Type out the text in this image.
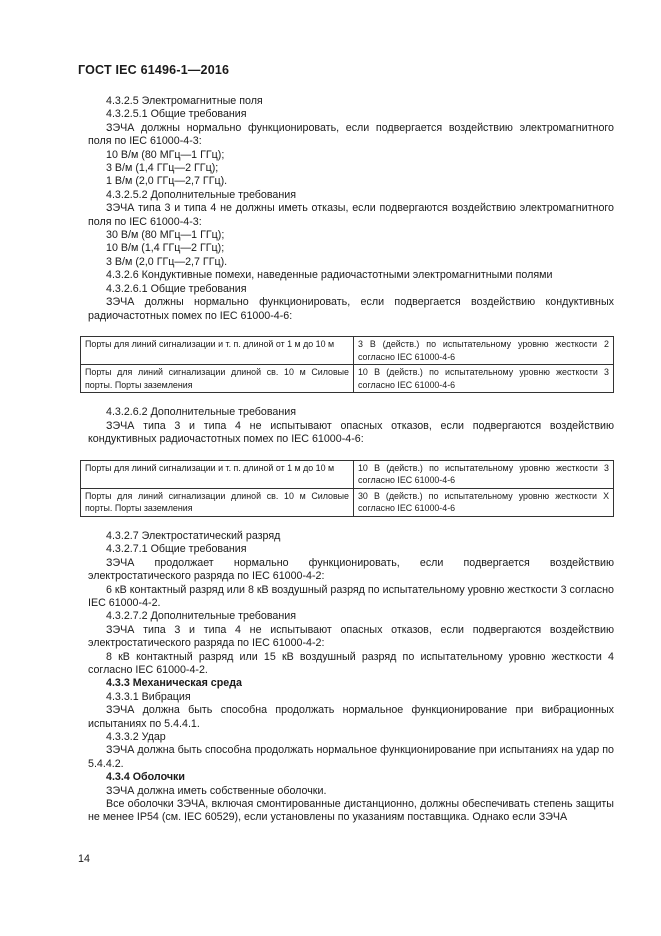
ГОСТ IEC 61496-1—2016

4.3.2.5 Электромагнитные поля

4.3.2.5.1 Общие требования

ЗЭЧА должны нормально функционировать, если подвергается воздействию электромагнитного поля по IEC 61000-4-3:

10 В/м (80 МГц—1 ГГц);

3 В/м (1,4 ГГц—2 ГГц);

1 В/м (2,0 ГГц—2,7 ГГц).

4.3.2.5.2 Дополнительные требования

ЗЭЧА типа 3 и типа 4 не должны иметь отказы, если подвергаются воздействию электромагнитного поля по IEC 61000-4-3:

30 В/м (80 МГц—1 ГГц);

10 В/м (1,4 ГГц—2 ГГц);

3 В/м (2,0 ГГц—2,7 ГГц).

4.3.2.6 Кондуктивные помехи, наведенные радиочастотными электромагнитными полями

4.3.2.6.1 Общие требования

ЗЭЧА должны нормально функционировать, если подвергается воздействию кондуктивных радиочастотных помех по IEC 61000-4-6:

Порты для линий сигнализации и т. п. длиной от 1 м до 10 м	3 В (действ.) по испытательному уровню жесткости 2 согласно IEC 61000-4-6
Порты для линий сигнализации длиной св. 10 м Силовые порты. Порты заземления	10 В (действ.) по испытательному уровню жесткости 3 согласно IEC 61000-4-6

4.3.2.6.2 Дополнительные требования

ЗЭЧА типа 3 и типа 4 не испытывают опасных отказов, если подвергаются воздействию кондуктивных радиочастотных помех по IEC 61000-4-6:

Порты для линий сигнализации и т. п. длиной от 1 м до 10 м	10 В (действ.) по испытательному уровню жесткости 3 согласно IEC 61000-4-6
Порты для линий сигнализации длиной св. 10 м Силовые порты. Порты заземления	30 В (действ.) по испытательному уровню жесткости X согласно IEC 61000-4-6

4.3.2.7 Электростатический разряд

4.3.2.7.1 Общие требования

ЗЭЧА продолжает нормально функционировать, если подвергается воздействию электростатического разряда по IEC 61000-4-2:

6 кВ контактный разряд или 8 кВ воздушный разряд по испытательному уровню жесткости 3 согласно IEC 61000-4-2.

4.3.2.7.2 Дополнительные требования

ЗЭЧА типа 3 и типа 4 не испытывают опасных отказов, если подвергаются воздействию электростатического разряда по IEC 61000-4-2:

8 кВ контактный разряд или 15 кВ воздушный разряд по испытательному уровню жесткости 4 согласно IEC 61000-4-2.

4.3.3 Механическая среда

4.3.3.1 Вибрация

ЗЭЧА должна быть способна продолжать нормальное функционирование при вибрационных испытаниях по 5.4.4.1.

4.3.3.2 Удар

ЗЭЧА должна быть способна продолжать нормальное функционирование при испытаниях на удар по 5.4.4.2.

4.3.4 Оболочки

ЗЭЧА должна иметь собственные оболочки.

Все оболочки ЗЭЧА, включая смонтированные дистанционно, должны обеспечивать степень защиты не менее IP54 (см. IEC 60529), если установлены по указаниям поставщика. Однако если ЗЭЧА

14
